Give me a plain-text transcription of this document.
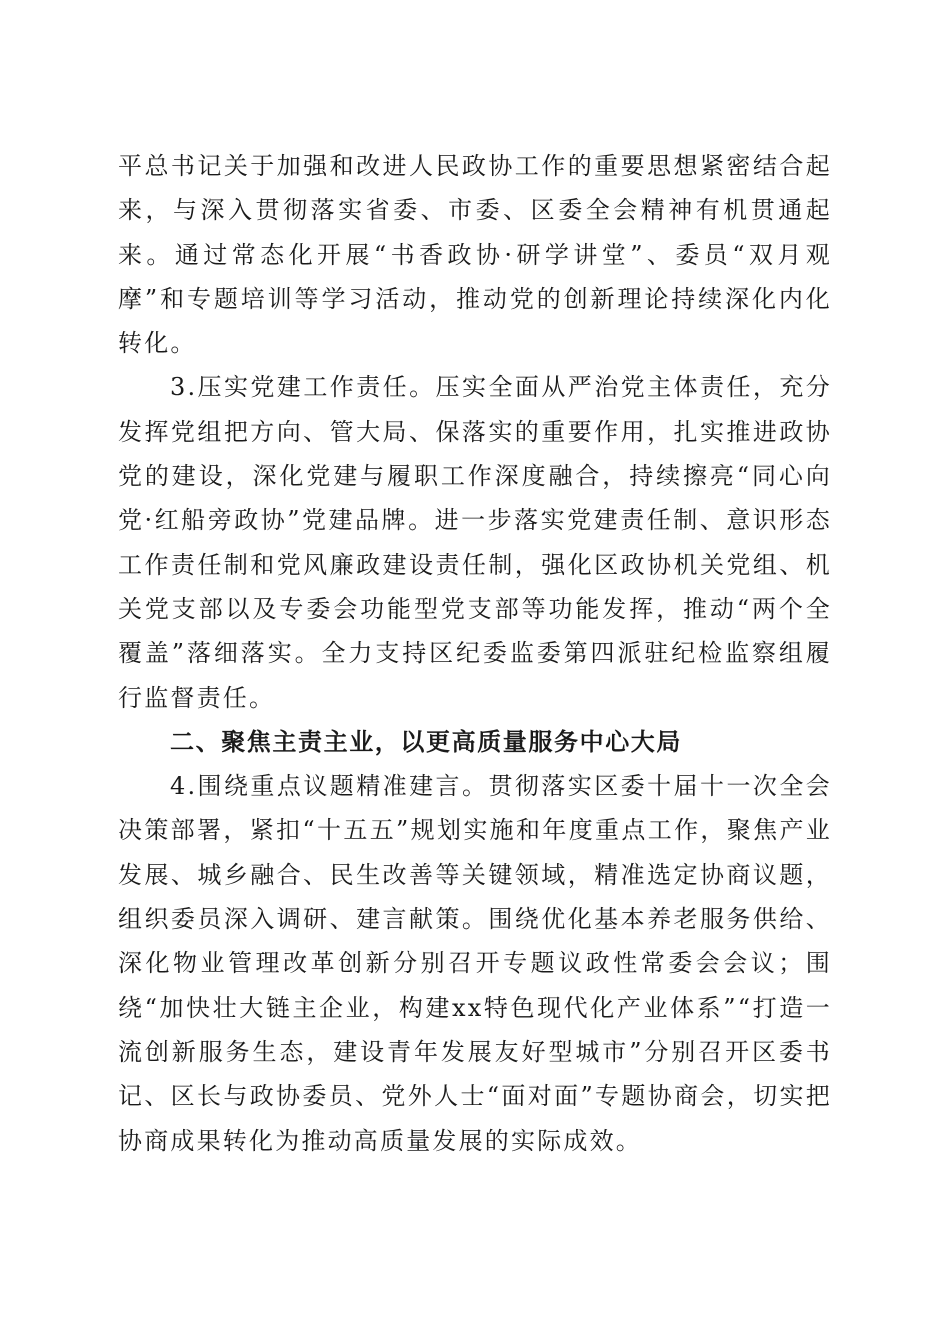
平总书记关于加强和改进人民政协工作的重要思想紧密结合起来，与深入贯彻落实省委、市委、区委全会精神有机贯通起来。通过常态化开展“书香政协·研学讲堂”、委员“双月观摩”和专题培训等学习活动，推动党的创新理论持续深化内化转化。

3.压实党建工作责任。压实全面从严治党主体责任，充分发挥党组把方向、管大局、保落实的重要作用，扎实推进政协党的建设，深化党建与履职工作深度融合，持续擦亮“同心向党·红船旁政协”党建品牌。进一步落实党建责任制、意识形态工作责任制和党风廉政建设责任制，强化区政协机关党组、机关党支部以及专委会功能型党支部等功能发挥，推动“两个全覆盖”落细落实。全力支持区纪委监委第四派驻纪检监察组履行监督责任。

二、聚焦主责主业，以更高质量服务中心大局

4.围绕重点议题精准建言。贯彻落实区委十届十一次全会决策部署，紧扣“十五五”规划实施和年度重点工作，聚焦产业发展、城乡融合、民生改善等关键领域，精准选定协商议题，组织委员深入调研、建言献策。围绕优化基本养老服务供给、深化物业管理改革创新分别召开专题议政性常委会会议；围绕“加快壮大链主企业，构建xx特色现代化产业体系”“打造一流创新服务生态，建设青年发展友好型城市”分别召开区委书记、区长与政协委员、党外人士“面对面”专题协商会，切实把协商成果转化为推动高质量发展的实际成效。
